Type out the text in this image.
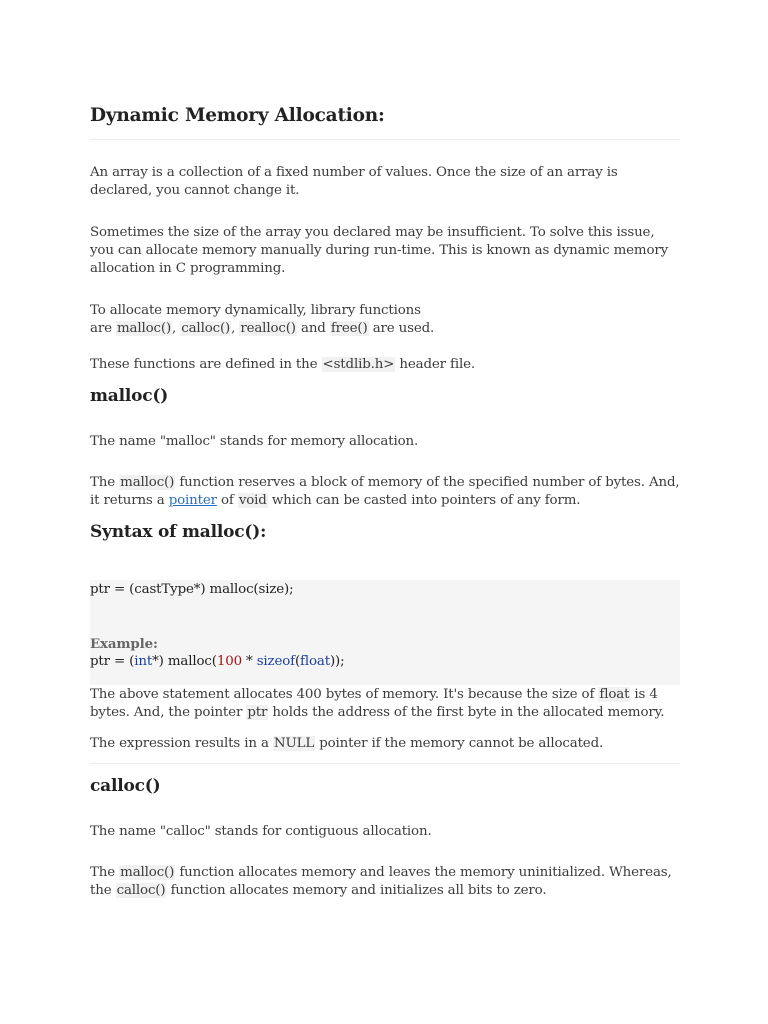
Dynamic Memory Allocation:
An array is a collection of a fixed number of values. Once the size of an array is declared, you cannot change it.
Sometimes the size of the array you declared may be insufficient. To solve this issue, you can allocate memory manually during run-time. This is known as dynamic memory allocation in C programming.
To allocate memory dynamically, library functions
are malloc(), calloc(), realloc() and free() are used.
These functions are defined in the <stdlib.h> header file.
malloc()
The name "malloc" stands for memory allocation.
The malloc() function reserves a block of memory of the specified number of bytes. And, it returns a pointer of void which can be casted into pointers of any form.
Syntax of malloc():
ptr = (castType*) malloc(size);
Example:
ptr = (int*) malloc(100 * sizeof(float));
The above statement allocates 400 bytes of memory. It's because the size of float is 4 bytes. And, the pointer ptr holds the address of the first byte in the allocated memory.
The expression results in a NULL pointer if the memory cannot be allocated.
calloc()
The name "calloc" stands for contiguous allocation.
The malloc() function allocates memory and leaves the memory uninitialized. Whereas, the calloc() function allocates memory and initializes all bits to zero.
